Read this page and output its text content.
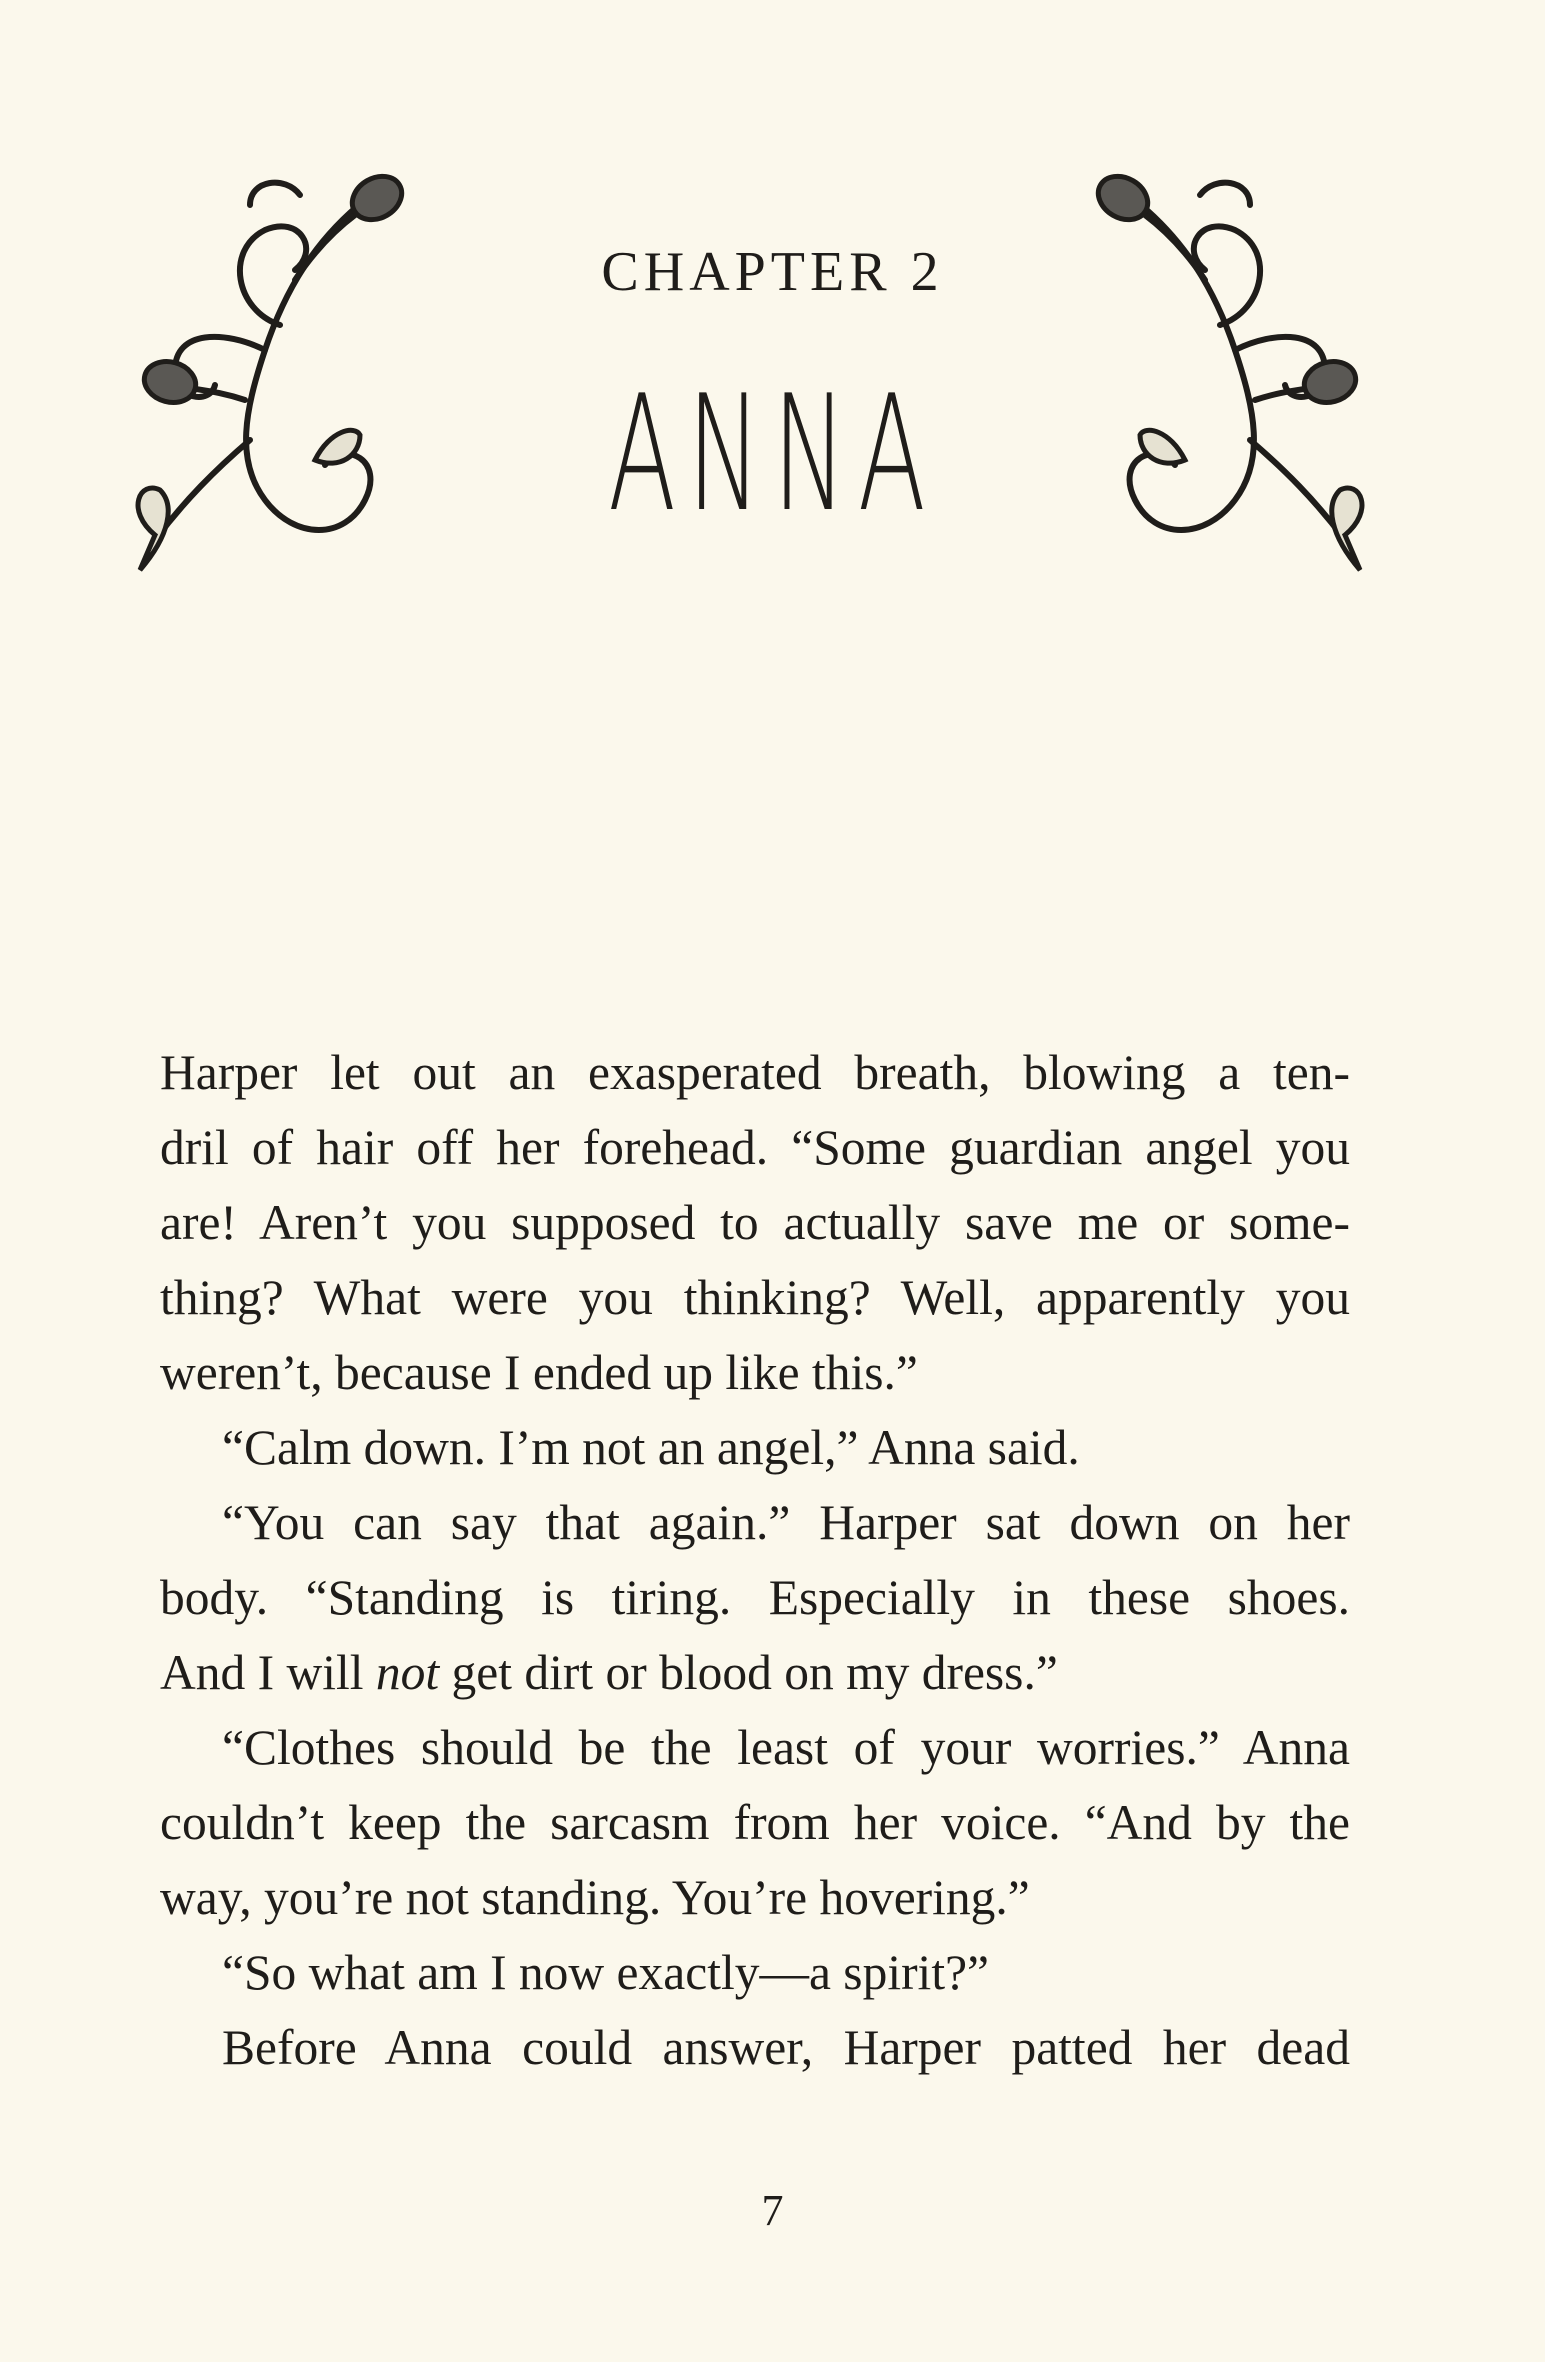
CHAPTER 2
ANNA
Harper let out an exasperated breath, blowing a ten-
dril of hair off her forehead. “Some guardian angel you
are! Aren’t you supposed to actually save me or some-
thing? What were you thinking? Well, apparently you
weren’t, because I ended up like this.”
“Calm down. I’m not an angel,” Anna said.
“You can say that again.” Harper sat down on her
body. “Standing is tiring. Especially in these shoes.
And I will not get dirt or blood on my dress.”
“Clothes should be the least of your worries.” Anna
couldn’t keep the sarcasm from her voice. “And by the
way, you’re not standing. You’re hovering.”
“So what am I now exactly—a spirit?”
Before Anna could answer, Harper patted her dead
7
